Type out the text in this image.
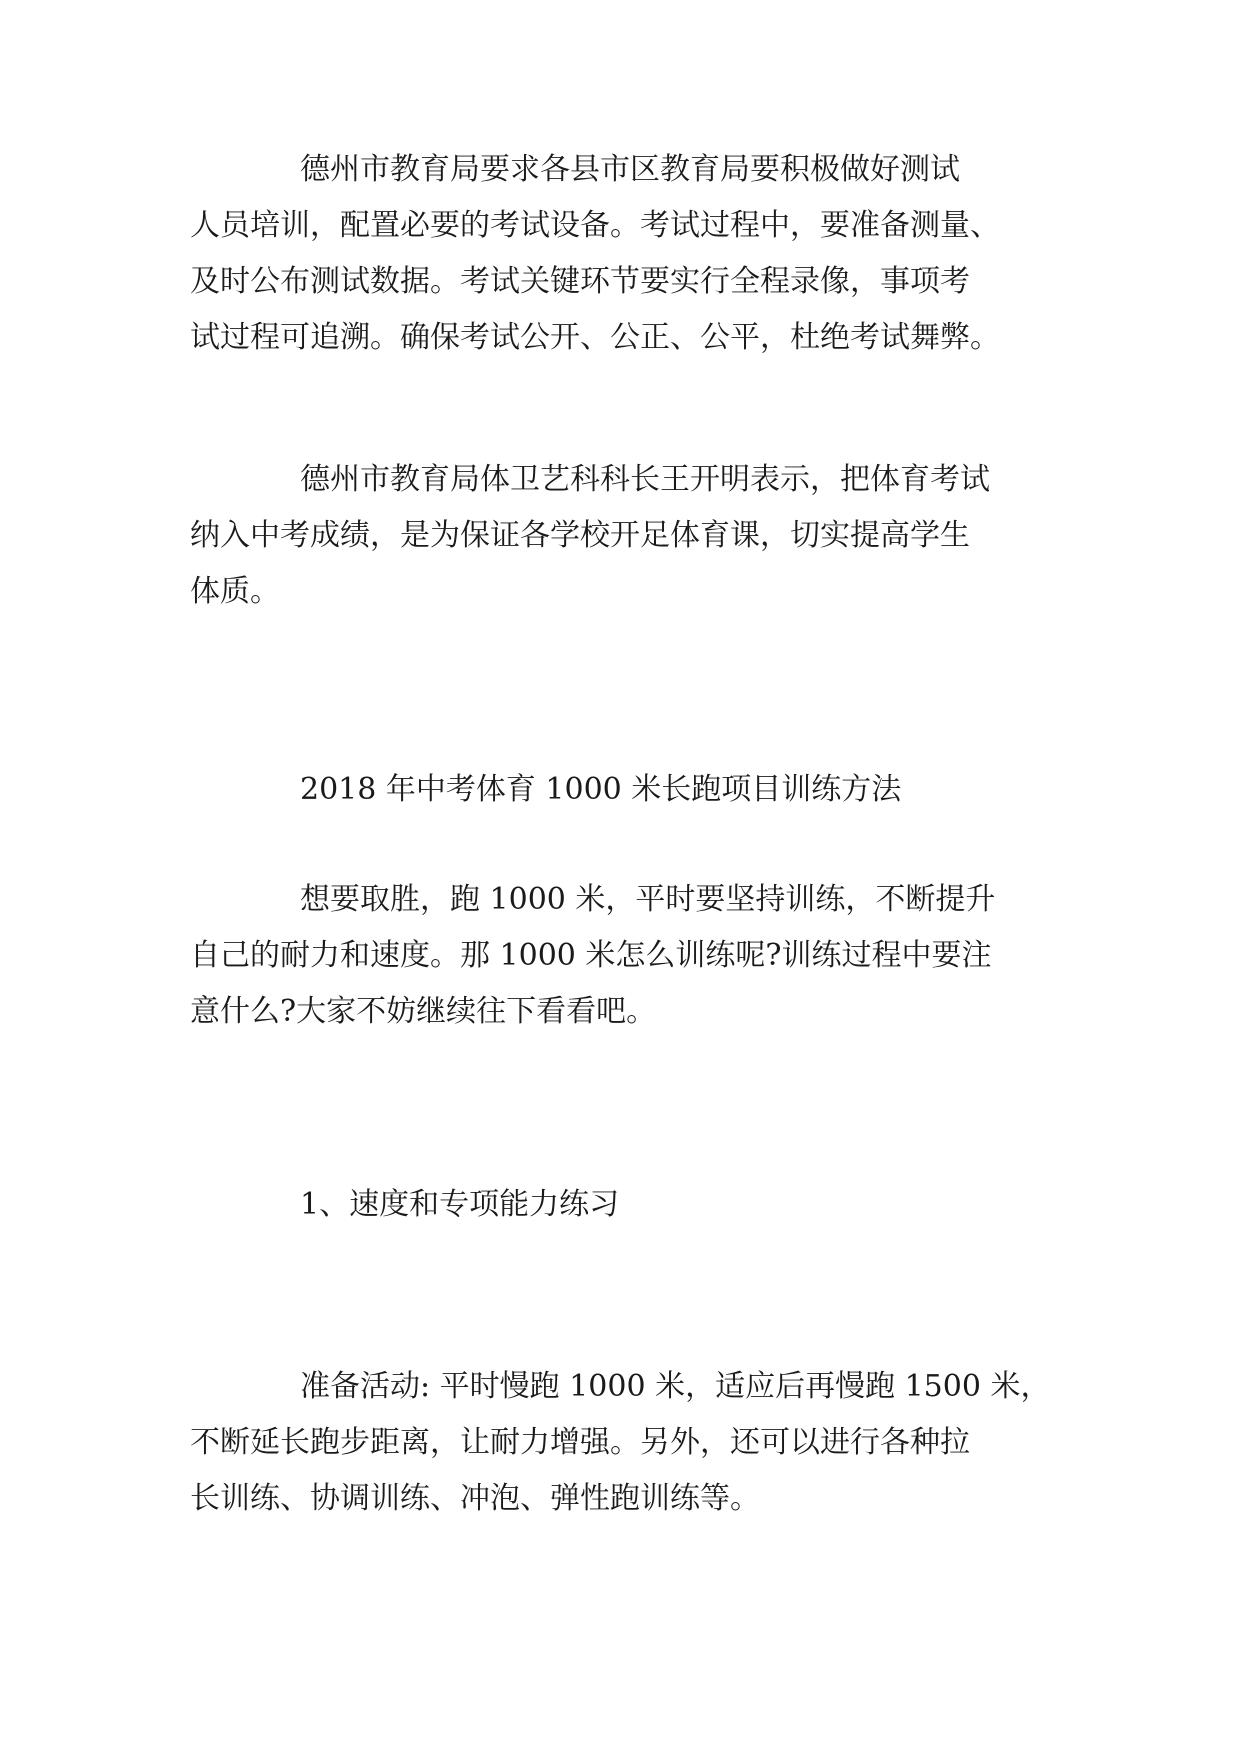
德州市教育局要求各县市区教育局要积极做好测试
人员培训，配置必要的考试设备。考试过程中，要准备测量、
及时公布测试数据。考试关键环节要实行全程录像，事项考
试过程可追溯。确保考试公开、公正、公平，杜绝考试舞弊。
德州市教育局体卫艺科科长王开明表示，把体育考试
纳入中考成绩，是为保证各学校开足体育课，切实提高学生
体质。
2018 年中考体育 1000 米长跑项目训练方法
想要取胜，跑 1000 米，平时要坚持训练，不断提升
自己的耐力和速度。那 1000 米怎么训练呢?训练过程中要注
意什么?大家不妨继续往下看看吧。
1、速度和专项能力练习
准备活动: 平时慢跑 1000 米，适应后再慢跑 1500 米，
不断延长跑步距离，让耐力增强。另外，还可以进行各种拉
长训练、协调训练、冲泡、弹性跑训练等。
